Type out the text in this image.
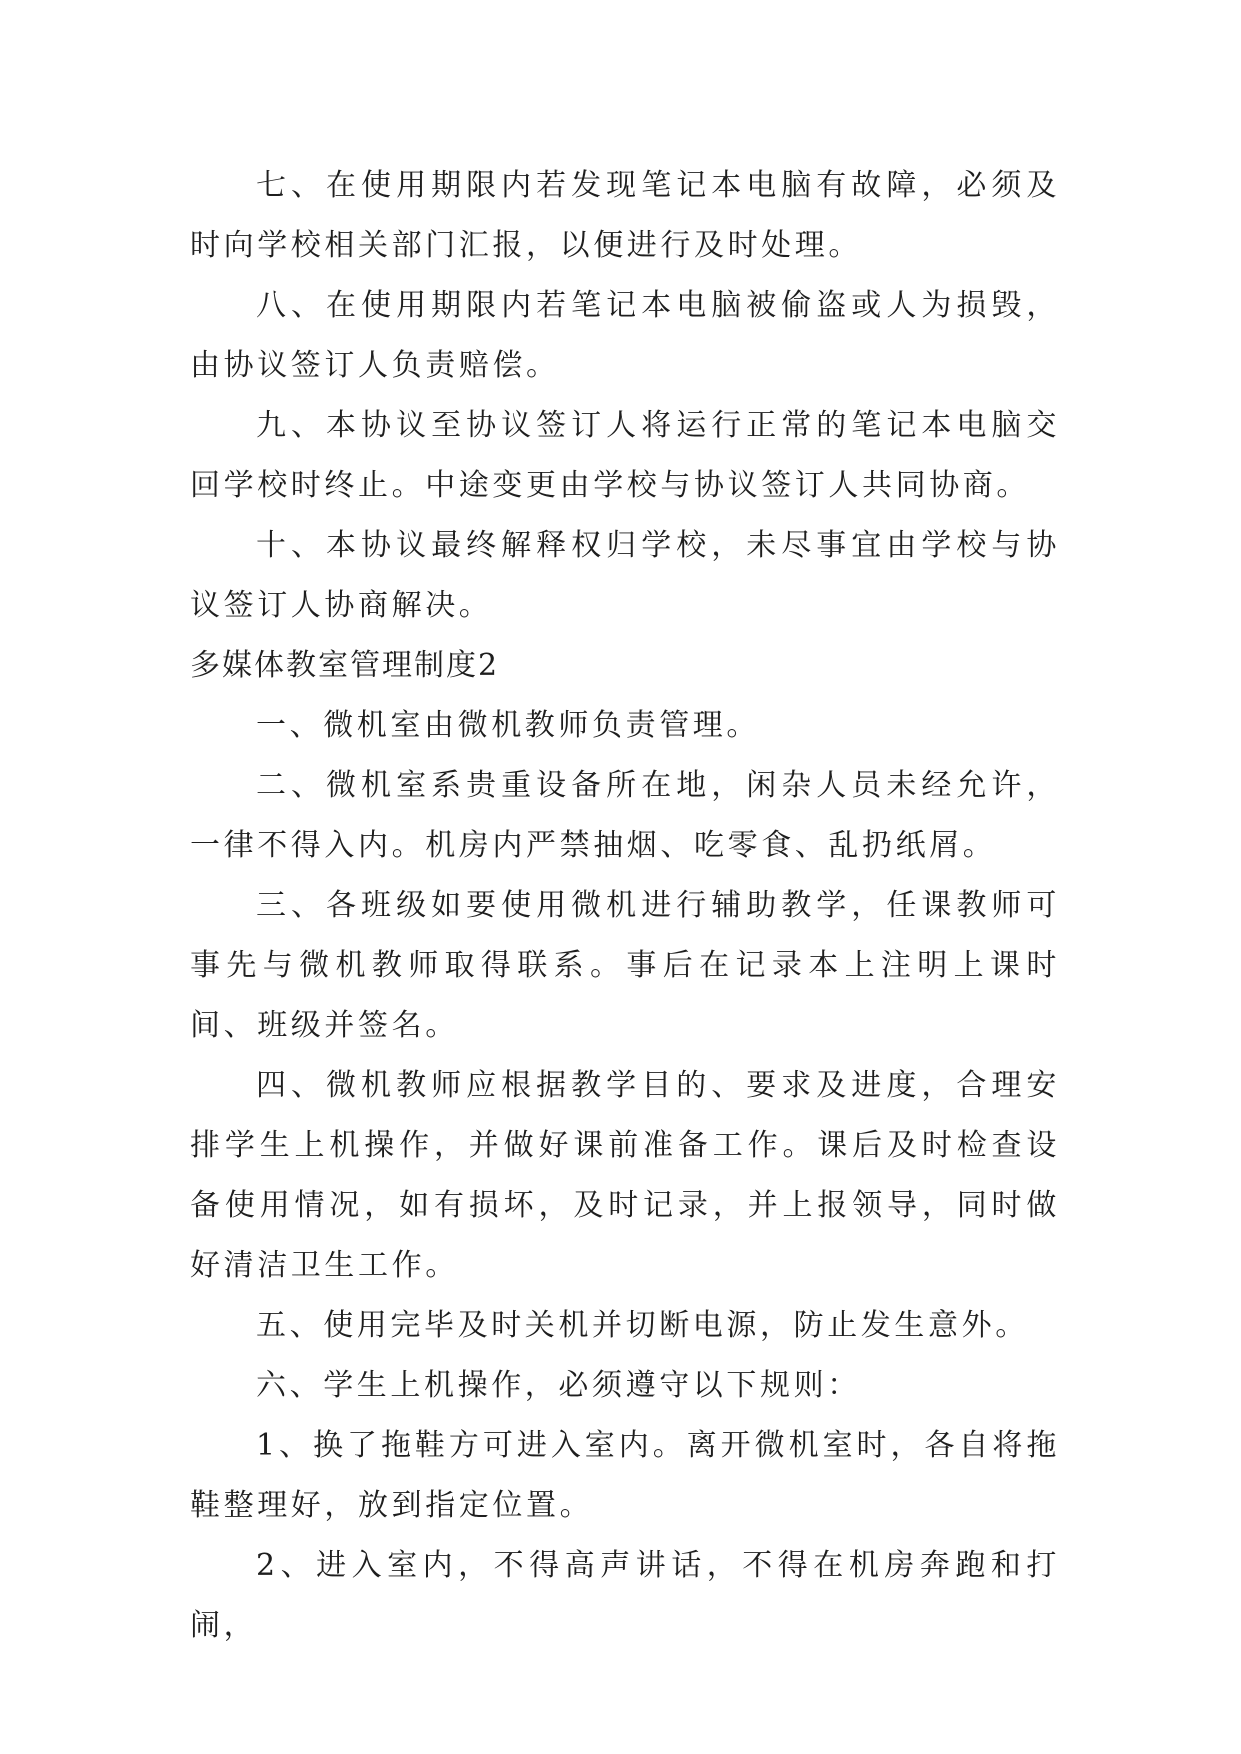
七、在使用期限内若发现笔记本电脑有故障，必须及时向学校相关部门汇报，以便进行及时处理。

八、在使用期限内若笔记本电脑被偷盗或人为损毁，由协议签订人负责赔偿。

九、本协议至协议签订人将运行正常的笔记本电脑交回学校时终止。中途变更由学校与协议签订人共同协商。

十、本协议最终解释权归学校，未尽事宜由学校与协议签订人协商解决。

多媒体教室管理制度2

一、微机室由微机教师负责管理。

二、微机室系贵重设备所在地，闲杂人员未经允许，一律不得入内。机房内严禁抽烟、吃零食、乱扔纸屑。

三、各班级如要使用微机进行辅助教学，任课教师可事先与微机教师取得联系。事后在记录本上注明上课时间、班级并签名。

四、微机教师应根据教学目的、要求及进度，合理安排学生上机操作，并做好课前准备工作。课后及时检查设备使用情况，如有损坏，及时记录，并上报领导，同时做好清洁卫生工作。

五、使用完毕及时关机并切断电源，防止发生意外。

六、学生上机操作，必须遵守以下规则：

1、换了拖鞋方可进入室内。离开微机室时，各自将拖鞋整理好，放到指定位置。

2、进入室内，不得高声讲话，不得在机房奔跑和打闹，
